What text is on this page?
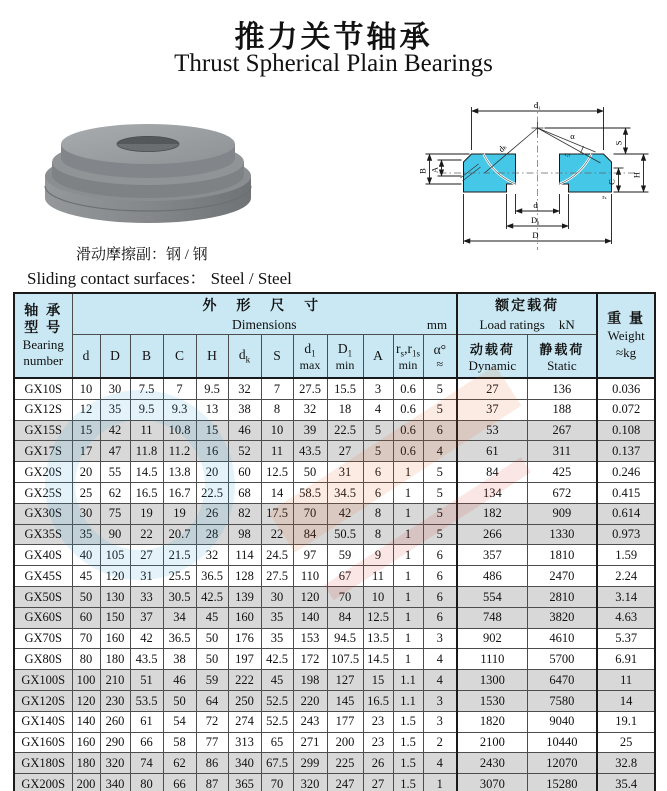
推力关节轴承
Thrust Spherical Plain Bearings
d₁
dₖ
α
r₁ₛ
S
H
C
B A
d
D₁
D
rₛ
滑动摩擦副：钢 / 钢
Sliding contact surfaces： Steel / Steel
轴 承
型 号
Bearing
number	
外 形 尺 寸
Dimensions	mm

额定载荷
Load ratings kN	重 量
Weight
≈kg
d	D	B	C	H	$d_k$	S	$d_1$
max
	$D_1$
min
	A	$r_s,r_{1s}$
min
	α°
≈

动载荷
Dynamic

静载荷
Static

GX10S	10	30	7.5	7	9.5	32	7	27.5	15.5	3	0.6	5	27	136	0.036
GX12S	12	35	9.5	9.3	13	38	8	32	18	4	0.6	5	37	188	0.072
GX15S	15	42	11	10.8	15	46	10	39	22.5	5	0.6	6	53	267	0.108
GX17S	17	47	11.8	11.2	16	52	11	43.5	27	5	0.6	4	61	311	0.137
GX20S	20	55	14.5	13.8	20	60	12.5	50	31	6	1	5	84	425	0.246
GX25S	25	62	16.5	16.7	22.5	68	14	58.5	34.5	6	1	5	134	672	0.415
GX30S	30	75	19	19	26	82	17.5	70	42	8	1	5	182	909	0.614
GX35S	35	90	22	20.7	28	98	22	84	50.5	8	1	5	266	1330	0.973
GX40S	40	105	27	21.5	32	114	24.5	97	59	9	1	6	357	1810	1.59
GX45S	45	120	31	25.5	36.5	128	27.5	110	67	11	1	6	486	2470	2.24
GX50S	50	130	33	30.5	42.5	139	30	120	70	10	1	6	554	2810	3.14
GX60S	60	150	37	34	45	160	35	140	84	12.5	1	6	748	3820	4.63
GX70S	70	160	42	36.5	50	176	35	153	94.5	13.5	1	3	902	4610	5.37
GX80S	80	180	43.5	38	50	197	42.5	172	107.5	14.5	1	4	1110	5700	6.91
GX100S	100	210	51	46	59	222	45	198	127	15	1.1	4	1300	6470	11
GX120S	120	230	53.5	50	64	250	52.5	220	145	16.5	1.1	3	1530	7580	14
GX140S	140	260	61	54	72	274	52.5	243	177	23	1.5	3	1820	9040	19.1
GX160S	160	290	66	58	77	313	65	271	200	23	1.5	2	2100	10440	25
GX180S	180	320	74	62	86	340	67.5	299	225	26	1.5	4	2430	12070	32.8
GX200S	200	340	80	66	87	365	70	320	247	27	1.5	1	3070	15280	35.4
